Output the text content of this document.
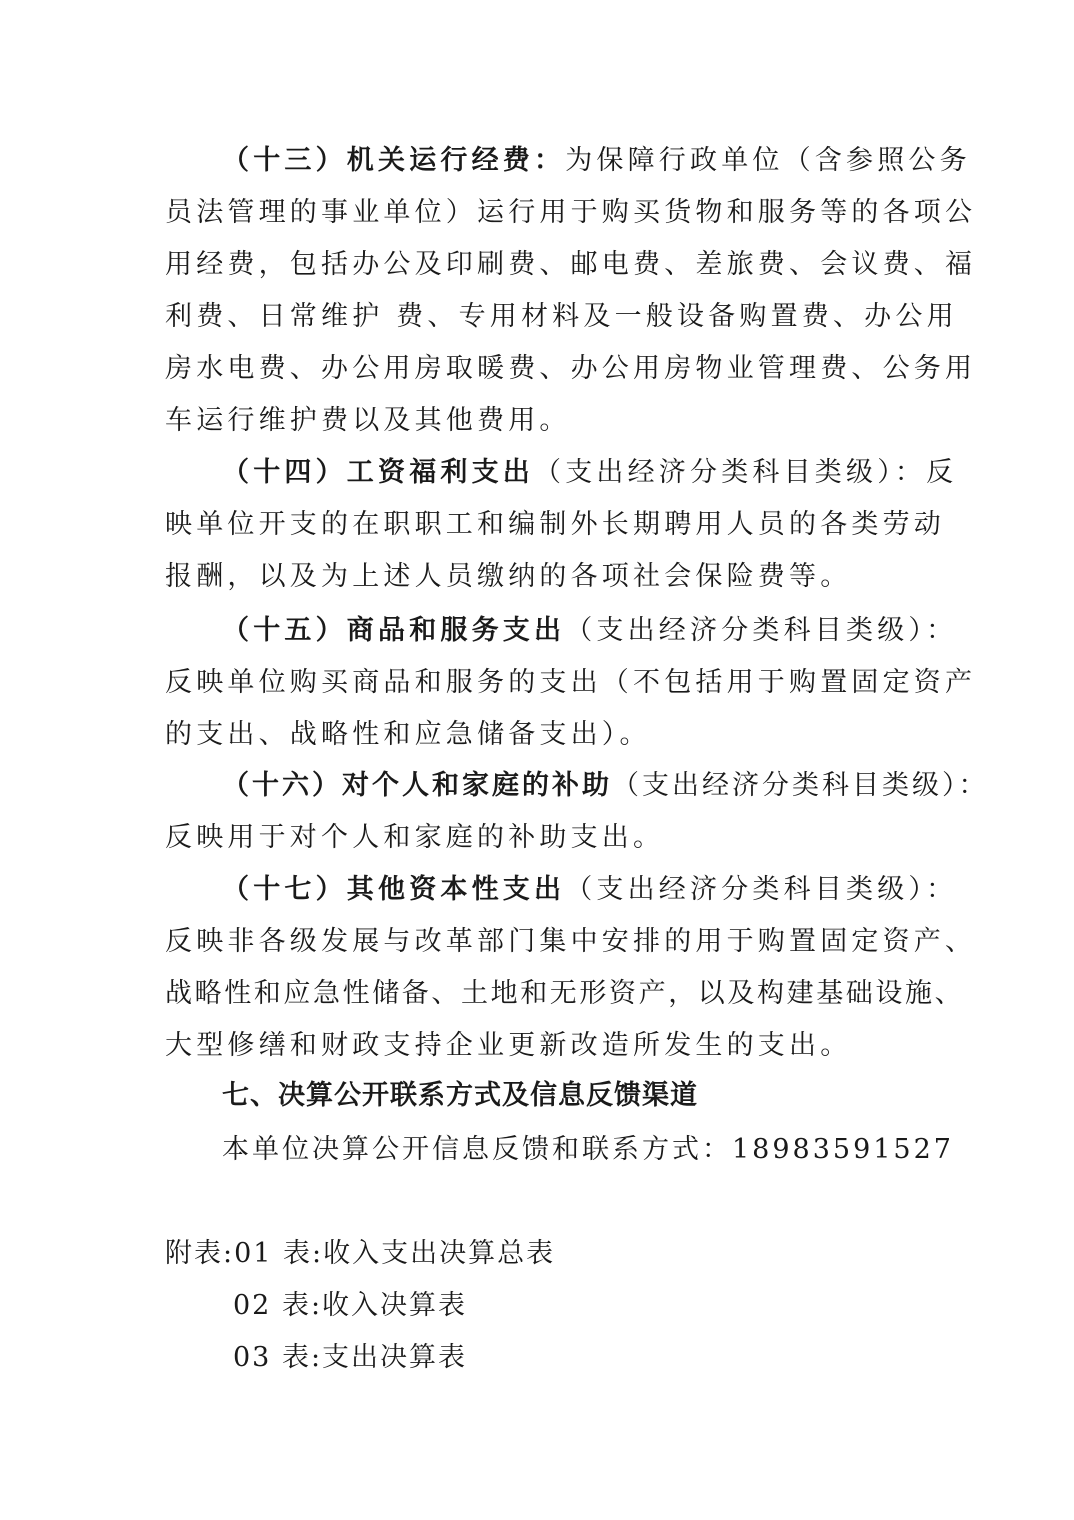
（十三）机关运行经费：为保障行政单位（含参照公务
员法管理的事业单位）运行用于购买货物和服务等的各项公
用经费，包括办公及印刷费、邮电费、差旅费、会议费、福
利费、日常维护 费、专用材料及一般设备购置费、办公用
房水电费、办公用房取暖费、办公用房物业管理费、公务用
车运行维护费以及其他费用。
（十四）工资福利支出（支出经济分类科目类级）：反
映单位开支的在职职工和编制外长期聘用人员的各类劳动
报酬，以及为上述人员缴纳的各项社会保险费等。
（十五）商品和服务支出（支出经济分类科目类级）：
反映单位购买商品和服务的支出（不包括用于购置固定资产
的支出、战略性和应急储备支出）。
（十六）对个人和家庭的补助（支出经济分类科目类级）：
反映用于对个人和家庭的补助支出。
（十七）其他资本性支出（支出经济分类科目类级）：
反映非各级发展与改革部门集中安排的用于购置固定资产、
战略性和应急性储备、土地和无形资产，以及构建基础设施、
大型修缮和财政支持企业更新改造所发生的支出。
七、决算公开联系方式及信息反馈渠道
本单位决算公开信息反馈和联系方式：18983591527
附表:01 表:收入支出决算总表
02 表:收入决算表
03 表:支出决算表
